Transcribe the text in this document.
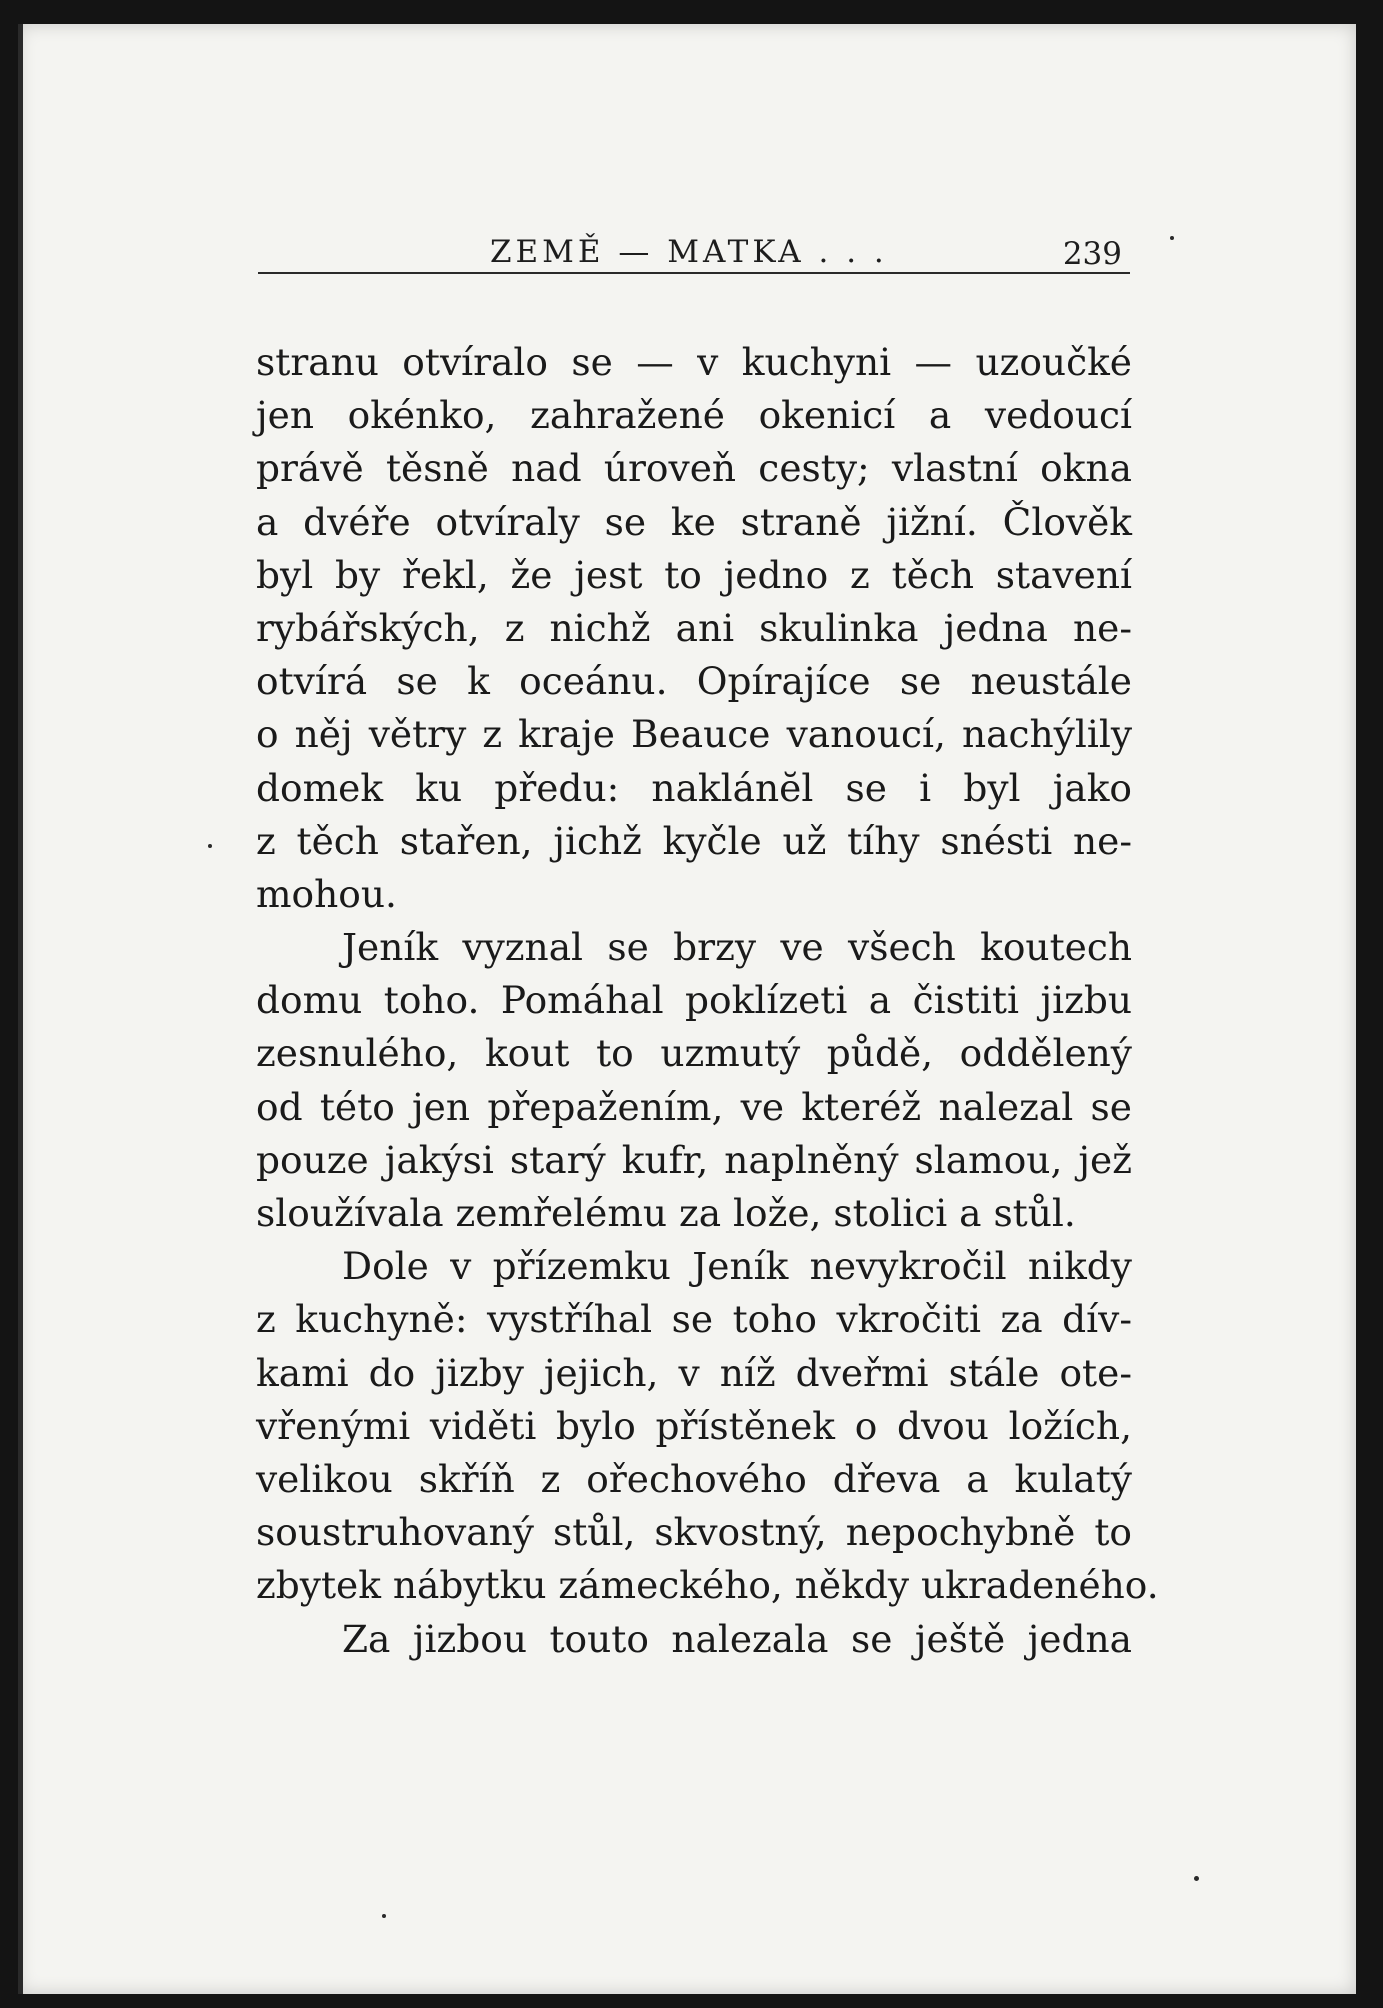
ZEMĚ — MATKA . . .	239
stranu otvíralo se — v kuchyni — uzoučké
jen okénko, zahražené okenicí a vedoucí
právě těsně nad úroveň cesty; vlastní okna
a dvéře otvíraly se ke straně jižní. Člověk
byl by řekl, že jest to jedno z těch stavení
rybářských, z nichž ani skulinka jedna ne-
otvírá se k oceánu. Opírajíce se neustále
o něj větry z kraje Beauce vanoucí, nachýlily
domek ku předu: naklánĕl se i byl jako
z těch stařen, jichž kyčle už tíhy snésti ne-
mohou.
Jeník vyznal se brzy ve všech koutech
domu toho. Pomáhal poklízeti a čistiti jizbu
zesnulého, kout to uzmutý půdě, oddělený
od této jen přepažením, ve kteréž nalezal se
pouze jakýsi starý kufr, naplněný slamou, jež
sloužívala zemřelému za lože, stolici a stůl.
Dole v přízemku Jeník nevykročil nikdy
z kuchyně: vystříhal se toho vkročiti za dív-
kami do jizby jejich, v níž dveřmi stále ote-
vřenými viděti bylo přístěnek o dvou ložích,
velikou skříň z ořechového dřeva a kulatý
soustruhovaný stůl, skvostný, nepochybně to
zbytek nábytku zámeckého, někdy ukradeného.
Za jizbou touto nalezala se ještě jedna
